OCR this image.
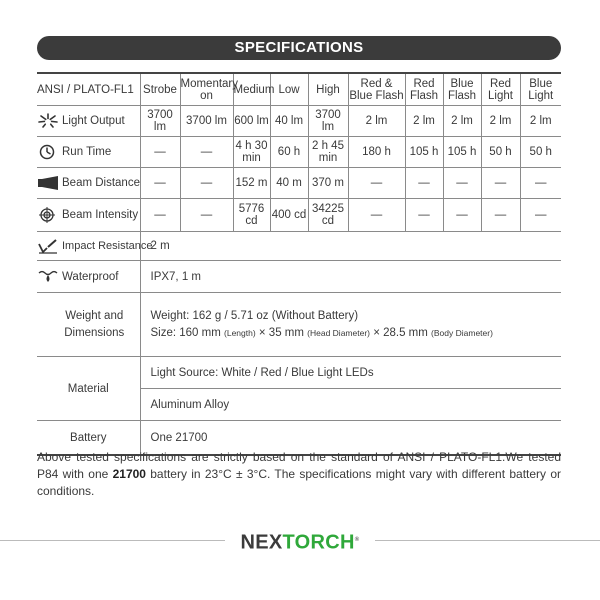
SPECIFICATIONS
ANSI / PLATO-FL1	Strobe	Momentary on	Medium	Low	High	Red & Blue Flash	Red Flash	Blue Flash	Red Light	Blue Light

Light Output	3700 lm	3700 lm	600 lm	40 lm	3700 lm	2 lm	2 lm	2 lm	2 lm	2 lm

Run Time	—	—	4 h 30 min	60 h	2 h 45 min	180 h	105 h	105 h	50 h	50 h

Beam Distance	—	—	152 m	40 m	370 m	—	—	—	—	—

Beam Intensity	—	—	5776 cd	400 cd	34225 cd	—	—	—	—	—

Impact Resistance	2 m									

Waterproof	IPX7, 1 m									
Weight and Dimensions	Weight: 162 g / 5.71 oz (Without Battery)
Size: 160 mm (Length) × 35 mm (Head Diameter) × 28.5 mm (Body Diameter)									

Material	Light Source: White / Red / Blue Light LEDs									
	Aluminum Alloy									
Battery	One 21700									
Above tested specifications are strictly based on the standard of ANSI / PLATO-FL1.We tested P84 with one 21700 battery in 23°C ± 3°C. The specifications might vary with different battery or conditions.
NEXTORCH®
